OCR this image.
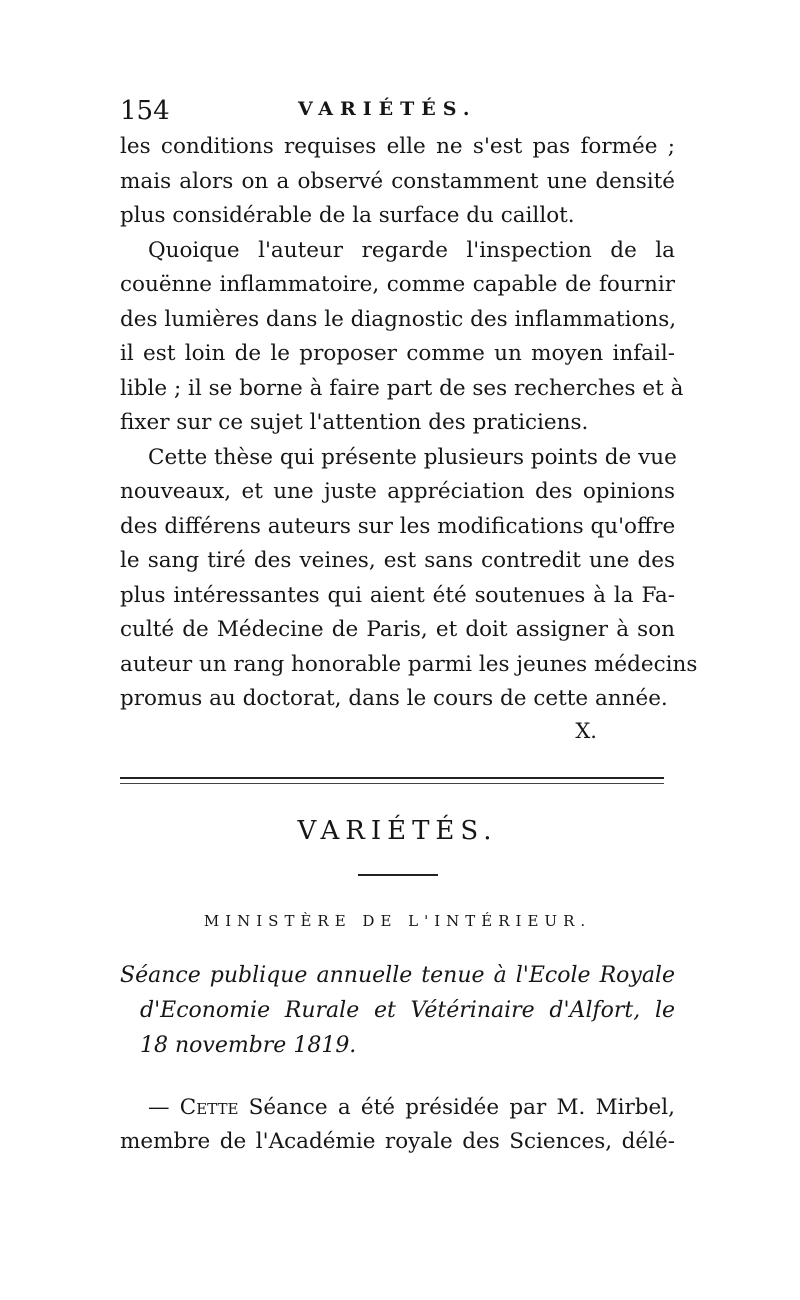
154	VARIÉTÉS.

les conditions requises elle ne s'est pas formée ;
mais alors on a observé constamment une densité
plus considérable de la surface du caillot.

Quoique l'auteur regarde l'inspection de la
couënne inflammatoire, comme capable de fournir
des lumières dans le diagnostic des inflammations,
il est loin de le proposer comme un moyen infail-
lible ; il se borne à faire part de ses recherches et à
fixer sur ce sujet l'attention des praticiens.

Cette thèse qui présente plusieurs points de vue
nouveaux, et une juste appréciation des opinions
des différens auteurs sur les modifications qu'offre
le sang tiré des veines, est sans contredit une des
plus intéressantes qui aient été soutenues à la Fa-
culté de Médecine de Paris, et doit assigner à son
auteur un rang honorable parmi les jeunes médecins
promus au doctorat, dans le cours de cette année.

X.
VARIÉTÉS.
MINISTÈRE DE L'INTÉRIEUR.
Séance publique annuelle tenue à l'Ecole Royale
d'Economie Rurale et Vétérinaire d'Alfort, le
18 novembre 1819.

— Cette Séance a été présidée par M. Mirbel,
membre de l'Académie royale des Sciences, délé-
